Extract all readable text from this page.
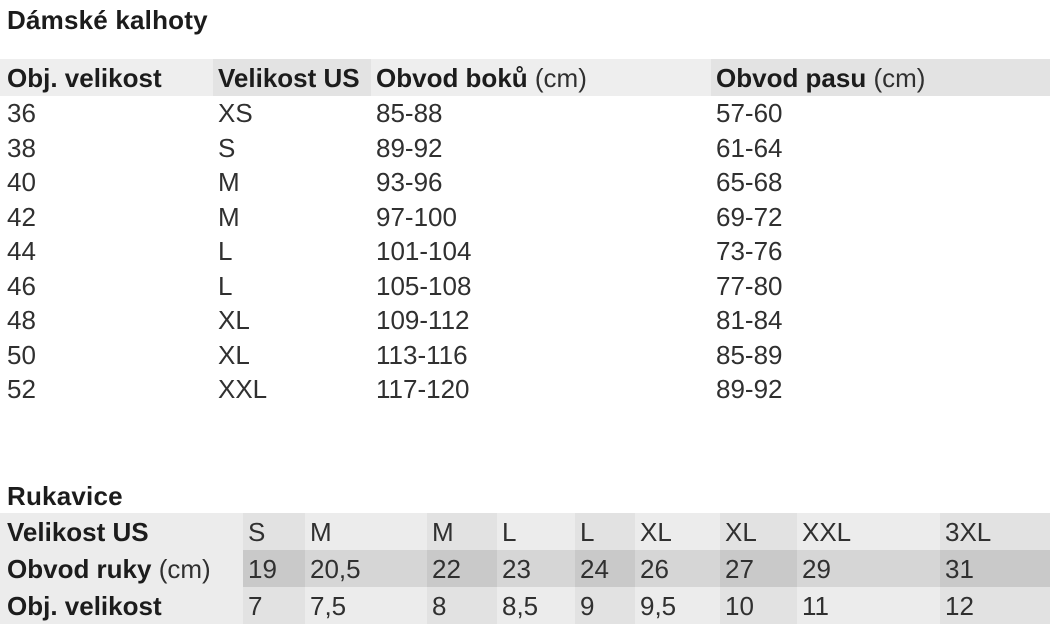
Dámské kalhoty
Obj. velikost	Velikost US	Obvod boků (cm)	Obvod pasu (cm)
36	XS	85-88	57-60
38	S	89-92	61-64
40	M	93-96	65-68
42	M	97-100	69-72
44	L	101-104	73-76
46	L	105-108	77-80
48	XL	109-112	81-84
50	XL	113-116	85-89
52	XXL	117-120	89-92
Rukavice
Velikost US	S	M	M	L	L	XL	XL	XXL	3XL
Obvod ruky (cm)	19	20,5	22	23	24	26	27	29	31
Obj. velikost	7	7,5	8	8,5	9	9,5	10	11	12
